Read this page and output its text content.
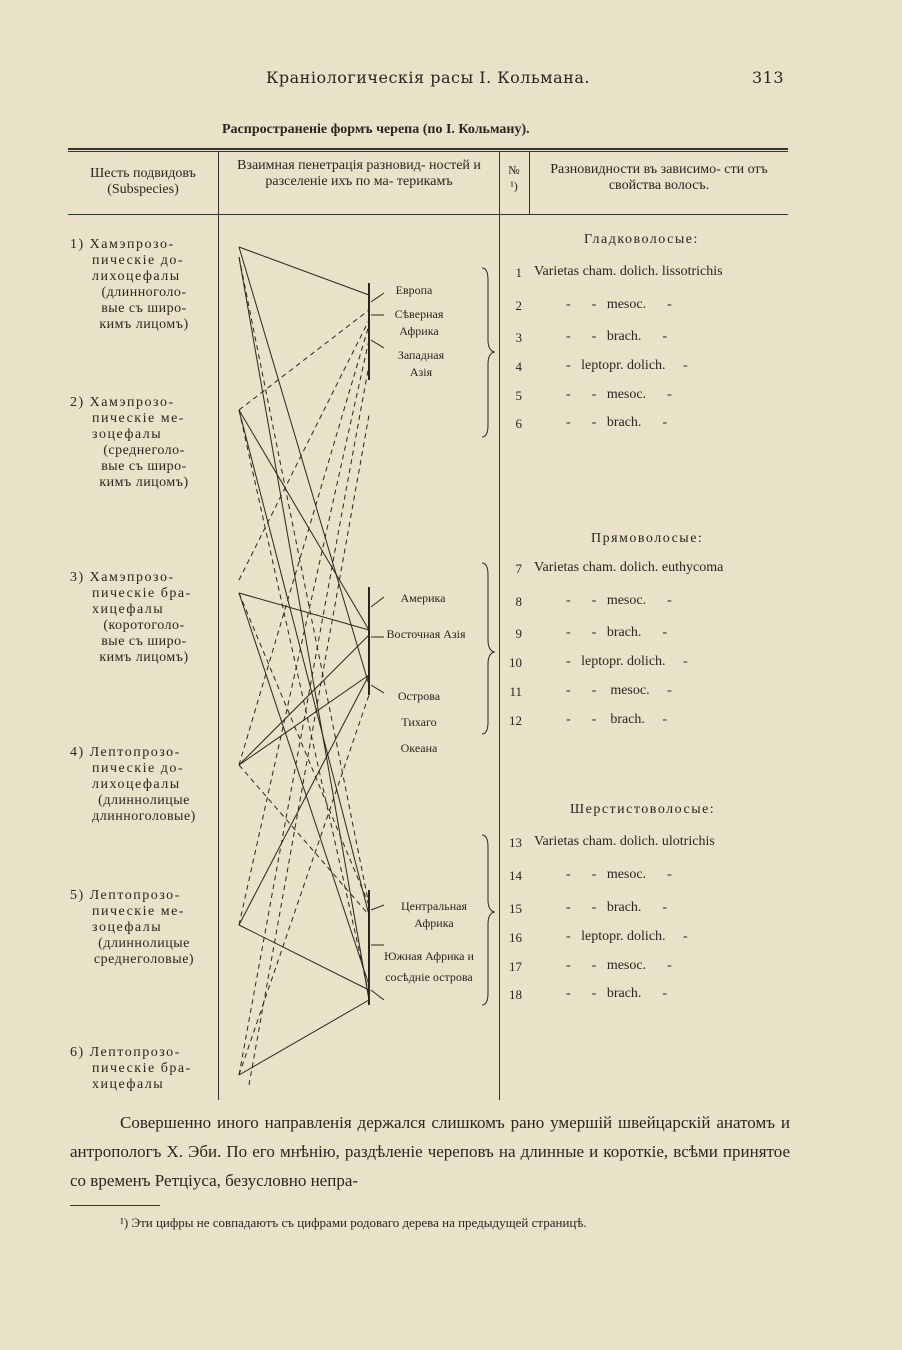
Краніологическія расы І. Кольмана.	313
Распространеніе формъ черепа (по І. Кольману).
Шесть подвидовъ (Subspecies)
Взаимная пенетрація разновид- ностей и разселеніе ихъ по ма- терикамъ
№ ¹)
Разновидности въ зависимо- сти отъ свойства волосъ.
1) Хамэпрозо-
пическіе до-
лихоцефалы
(длинноголо-
вые съ широ-
кимъ лицомъ)
2) Хамэпрозо-
пическіе ме-
зоцефалы
(среднеголо-
вые съ широ-
кимъ лицомъ)
3) Хамэпрозо-
пическіе бра-
хицефалы
(коротоголо-
вые съ широ-
кимъ лицомъ)
4) Лептопрозо-
пическіе до-
лихоцефалы
(длиннолицые
длинноголовые)
5) Лептопрозо-
пическіе ме-
зоцефалы
(длиннолицые
среднеголовые)
6) Лептопрозо-
пическіе бра-
хицефалы
Европа
Сѣверная Африка
Западная Азія
Америка
Восточная Азія
Острова Тихаго Океана
Центральная Африка
Южная Африка и сосѣдніе острова
Гладковолосые:
Прямоволосые:
Шерстистоволосые:
1 Varietas cham. dolich. lissotrichis
2	-      -   mesoc.      -
3	-      -   brach.      -
4	-   leptopr. dolich.     -
5	-      -   mesoc.      -
6	-      -   brach.      -
7 Varietas cham. dolich. euthycoma
8	-      -   mesoc.      -
9	-      -   brach.      -
10	-   leptopr. dolich.     -
11	-      -    mesoc.     -
12	-      -    brach.     -
13 Varietas cham. dolich. ulotrichis
14	-      -   mesoc.      -
15	-      -   brach.      -
16	-   leptopr. dolich.     -
17	-      -   mesoc.      -
18	-      -   brach.      -
Совершенно иного направленія держался слишкомъ рано умершій швейцарскій анатомъ и антропологъ Х. Эби. По его мнѣнію, раздѣленіе череповъ на длинные и короткіе, всѣми принятое со временъ Ретціуса, безусловно непра-
¹) Эти цифры не совпадаютъ съ цифрами родоваго дерева на предыдущей страницѣ.
